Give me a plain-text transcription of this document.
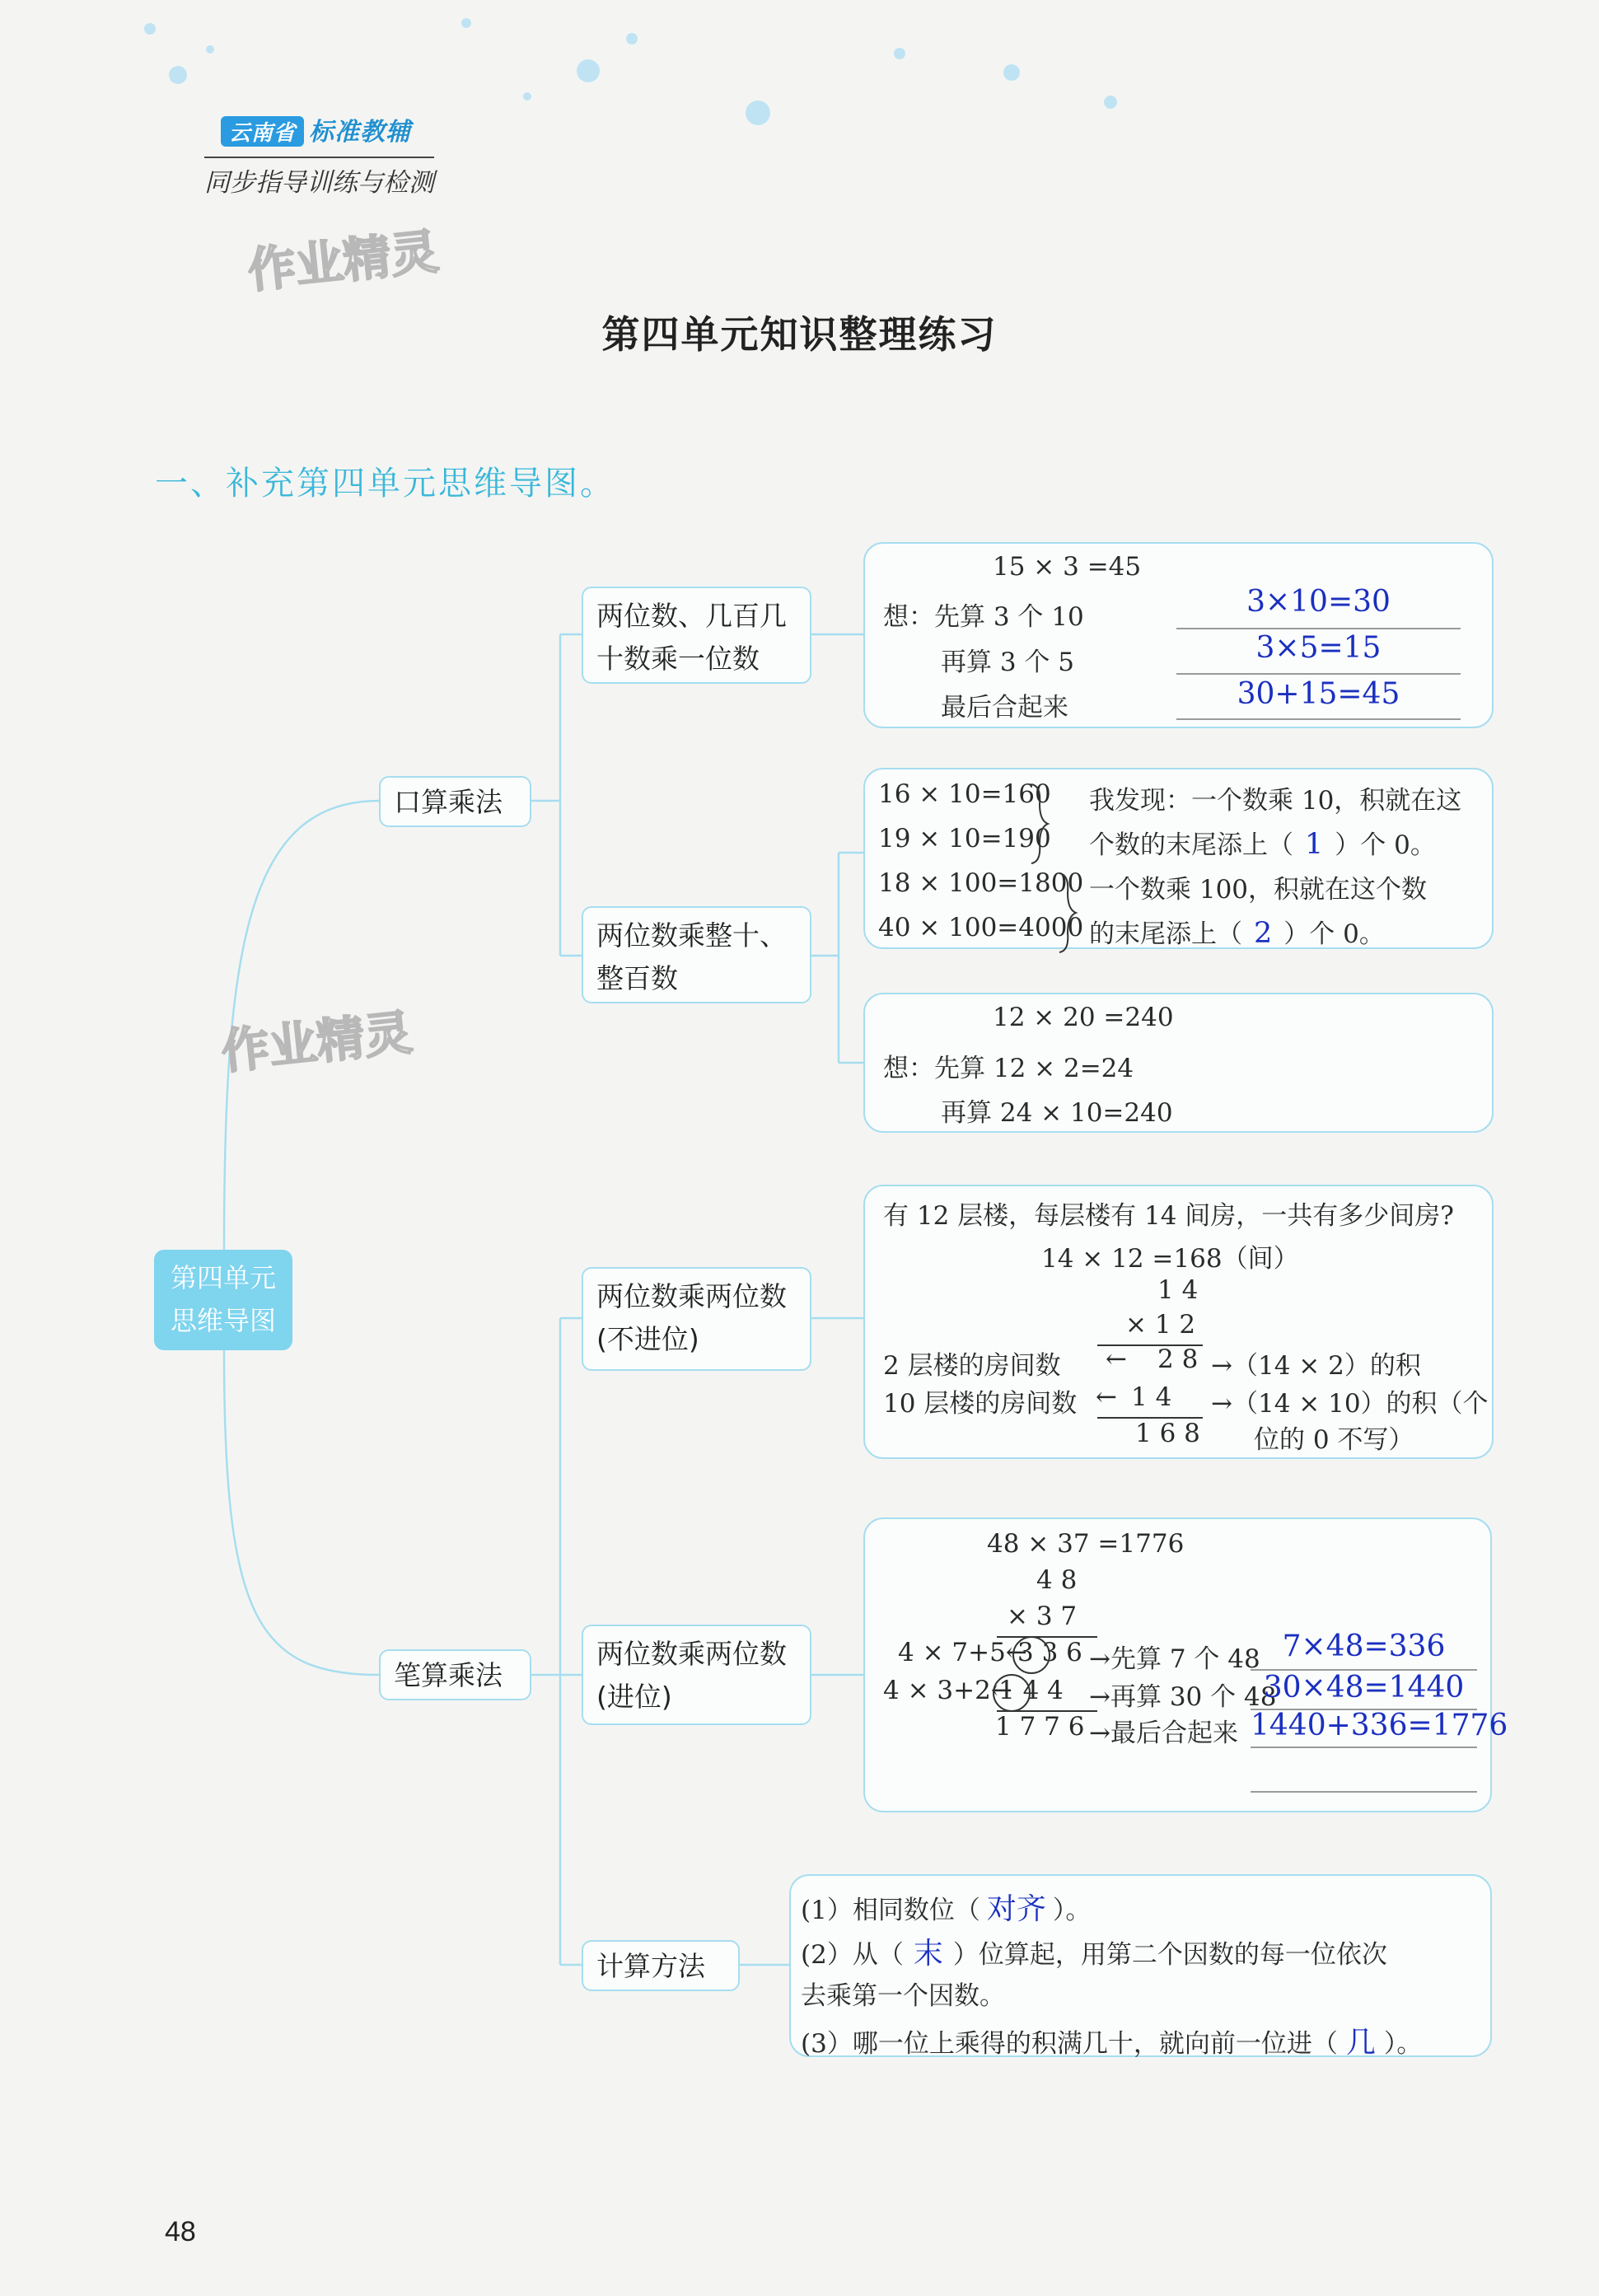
云南省 标准教辅
同步指导训练与检测
作业精灵
第四单元知识整理练习
一、补充第四单元思维导图。
第四单元
思维导图
作业精灵
口算乘法
笔算乘法
两位数、几百几
十数乘一位数
两位数乘整十、
整百数
两位数乘两位数
(不进位)
两位数乘两位数
(进位)
计算方法
15 × 3 =45
想：先算 3 个 10
再算 3 个 5
最后合起来
3×10=30
3×5=15
30+15=45
16 × 10=160
19 × 10=190
18 × 100=1800
40 × 100=4000
我发现：一个数乘 10，积就在这
个数的末尾添上（ 1 ）个 0。
一个数乘 100，积就在这个数
的末尾添上（ 2 ）个 0。
12 × 20 =240
想：先算 12 × 2=24
再算 24 × 10=240
有 12 层楼，每层楼有 14 间房，一共有多少间房?
14 × 12 =168（间）
1 4
× 1 2
2 层楼的房间数 ← 2 8 →（14 × 2）的积
10 层楼的房间数 ← 1 4 →（14 × 10）的积（个
1 6 8 位的 0 不写）
48 × 37 =1776
4 8
× 3 7
4 × 7+5←
3 3 6 →先算 7 个 48
4 × 3+2←
1 4 4 →再算 30 个 48
1 7 7 6 →最后合起来
7×48=336
30×48=1440
1440+336=1776
(1）相同数位（ 对齐 ）。
(2）从（ 末 ）位算起，用第二个因数的每一位依次
去乘第一个因数。
(3）哪一位上乘得的积满几十，就向前一位进（ 几 ）。
48
